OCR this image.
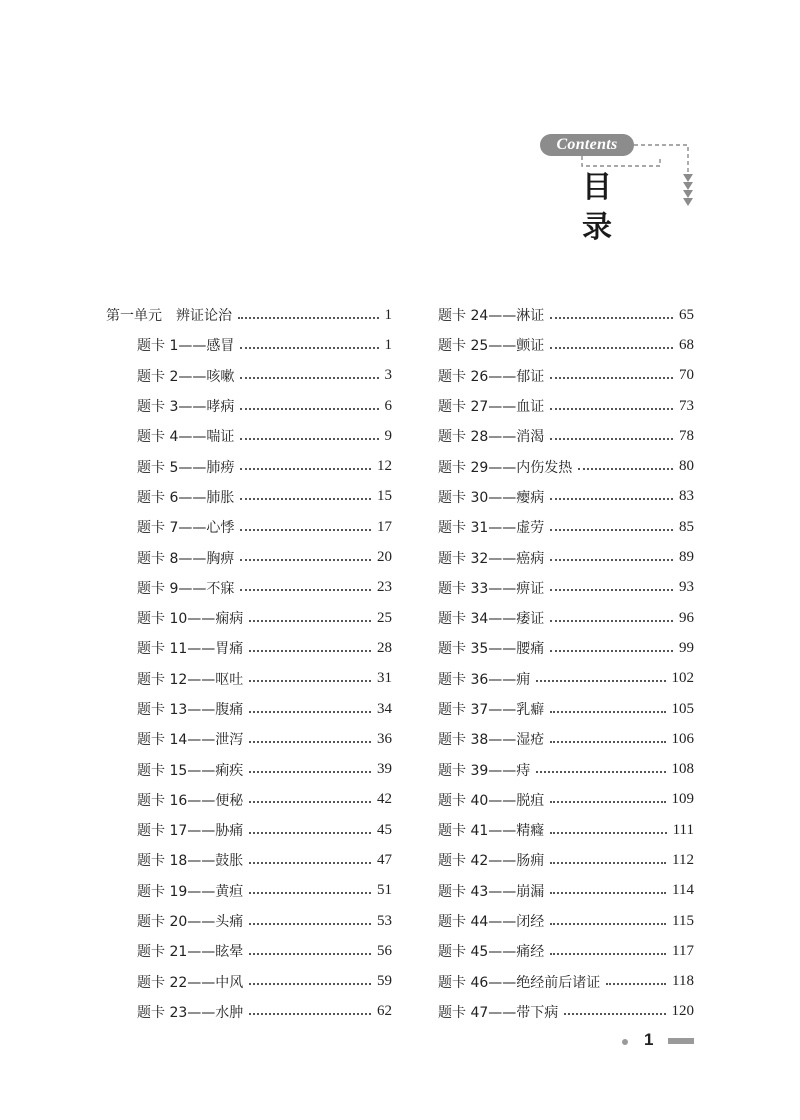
Contents
目 录
第一单元　辨证论治	1
题卡 1——感冒	1
题卡 2——咳嗽	3
题卡 3——哮病	6
题卡 4——喘证	9
题卡 5——肺痨	12
题卡 6——肺胀	15
题卡 7——心悸	17
题卡 8——胸痹	20
题卡 9——不寐	23
题卡 10——痫病	25
题卡 11——胃痛	28
题卡 12——呕吐	31
题卡 13——腹痛	34
题卡 14——泄泻	36
题卡 15——痢疾	39
题卡 16——便秘	42
题卡 17——胁痛	45
题卡 18——鼓胀	47
题卡 19——黄疸	51
题卡 20——头痛	53
题卡 21——眩晕	56
题卡 22——中风	59
题卡 23——水肿	62
题卡 24——淋证	65
题卡 25——颤证	68
题卡 26——郁证	70
题卡 27——血证	73
题卡 28——消渴	78
题卡 29——内伤发热	80
题卡 30——瘿病	83
题卡 31——虚劳	85
题卡 32——癌病	89
题卡 33——痹证	93
题卡 34——痿证	96
题卡 35——腰痛	99
题卡 36——痈	102
题卡 37——乳癖	105
题卡 38——湿疮	106
题卡 39——痔	108
题卡 40——脱疽	109
题卡 41——精癃	111
题卡 42——肠痈	112
题卡 43——崩漏	114
题卡 44——闭经	115
题卡 45——痛经	117
题卡 46——绝经前后诸证	118
题卡 47——带下病	120
1
